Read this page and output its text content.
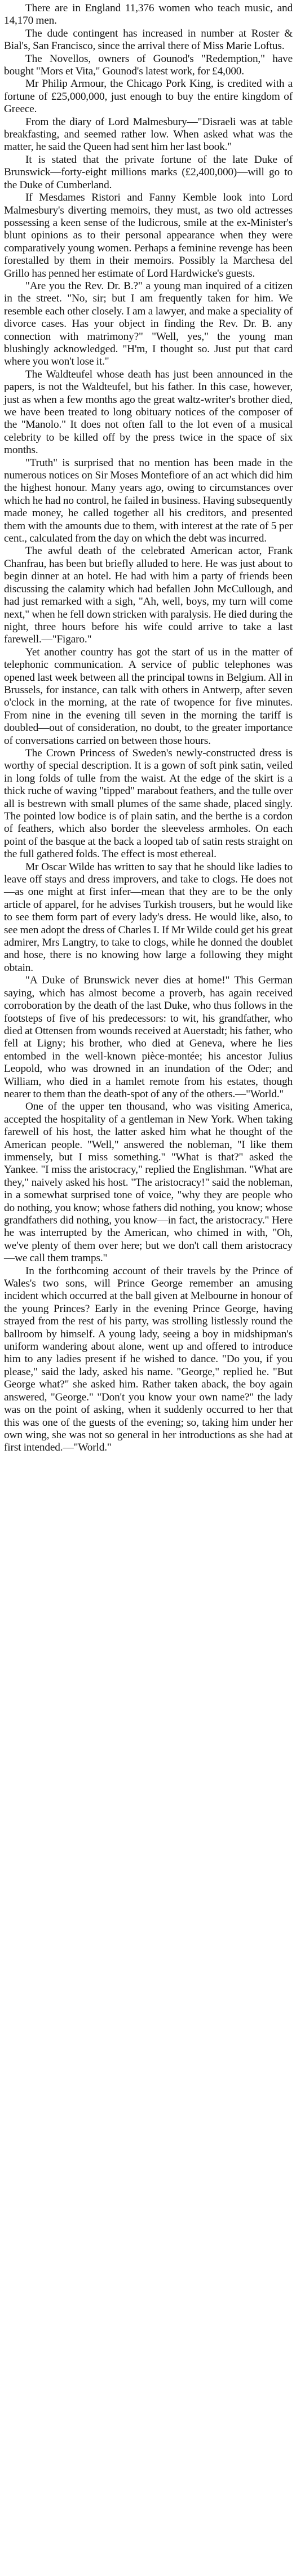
There are in England 11,376 women who teach music, and 14,170 men.

The dude contingent has increased in number at Roster & Bial's, San Francisco, since the arrival there of Miss Marie Loftus.

The Novellos, owners of Gounod's "Redemption," have bought "Mors et Vita," Gounod's latest work, for £4,000.

Mr Philip Armour, the Chicago Pork King, is credited with a fortune of £25,000,000, just enough to buy the entire kingdom of Greece.

From the diary of Lord Malmesbury—"Disraeli was at table breakfasting, and seemed rather low. When asked what was the matter, he said the Queen had sent him her last book."

It is stated that the private fortune of the late Duke of Brunswick—forty-eight millions marks (£2,400,000)—will go to the Duke of Cumberland.

If Mesdames Ristori and Fanny Kemble look into Lord Malmesbury's diverting memoirs, they must, as two old actresses possessing a keen sense of the ludicrous, smile at the ex-Minister's blunt opinions as to their personal appearance when they were comparatively young women. Perhaps a feminine revenge has been forestalled by them in their memoirs. Possibly la Marchesa del Grillo has penned her estimate of Lord Hardwicke's guests.

"Are you the Rev. Dr. B.?" a young man inquired of a citizen in the street. "No, sir; but I am frequently taken for him. We resemble each other closely. I am a lawyer, and make a speciality of divorce cases. Has your object in finding the Rev. Dr. B. any connection with matrimony?" "Well, yes," the young man blushingly acknowledged. "H'm, I thought so. Just put that card where you won't lose it."

The Waldteufel whose death has just been announced in the papers, is not the Waldteufel, but his father. In this case, however, just as when a few months ago the great waltz-writer's brother died, we have been treated to long obituary notices of the composer of the "Manolo." It does not often fall to the lot even of a musical celebrity to be killed off by the press twice in the space of six months.

"Truth" is surprised that no mention has been made in the numerous notices on Sir Moses Montefiore of an act which did him the highest honour. Many years ago, owing to circumstances over which he had no control, he failed in business. Having subsequently made money, he called together all his creditors, and presented them with the amounts due to them, with interest at the rate of 5 per cent., calculated from the day on which the debt was incurred.

The awful death of the celebrated American actor, Frank Chanfrau, has been but briefly alluded to here. He was just about to begin dinner at an hotel. He had with him a party of friends been discussing the calamity which had befallen John McCullough, and had just remarked with a sigh, "Ah, well, boys, my turn will come next," when he fell down stricken with paralysis. He died during the night, three hours before his wife could arrive to take a last farewell.—"Figaro."

Yet another country has got the start of us in the matter of telephonic communication. A service of public telephones was opened last week between all the principal towns in Belgium. All in Brussels, for instance, can talk with others in Antwerp, after seven o'clock in the morning, at the rate of twopence for five minutes. From nine in the evening till seven in the morning the tariff is doubled—out of consideration, no doubt, to the greater importance of conversations carried on between those hours.

The Crown Princess of Sweden's newly-constructed dress is worthy of special description. It is a gown of soft pink satin, veiled in long folds of tulle from the waist. At the edge of the skirt is a thick ruche of waving "tipped" marabout feathers, and the tulle over all is bestrewn with small plumes of the same shade, placed singly. The pointed low bodice is of plain satin, and the berthe is a cordon of feathers, which also border the sleeveless armholes. On each point of the basque at the back a looped tab of satin rests straight on the full gathered folds. The effect is most ethereal.

Mr Oscar Wilde has written to say that he should like ladies to leave off stays and dress improvers, and take to clogs. He does not—as one might at first infer—mean that they are to be the only article of apparel, for he advises Turkish trousers, but he would like to see them form part of every lady's dress. He would like, also, to see men adopt the dress of Charles I. If Mr Wilde could get his great admirer, Mrs Langtry, to take to clogs, while he donned the doublet and hose, there is no knowing how large a following they might obtain.

"A Duke of Brunswick never dies at home!" This German saying, which has almost become a proverb, has again received corroboration by the death of the last Duke, who thus follows in the footsteps of five of his predecessors: to wit, his grandfather, who died at Ottensen from wounds received at Auerstadt; his father, who fell at Ligny; his brother, who died at Geneva, where he lies entombed in the well-known pièce-montée; his ancestor Julius Leopold, who was drowned in an inundation of the Oder; and William, who died in a hamlet remote from his estates, though nearer to them than the death-spot of any of the others.—"World."

One of the upper ten thousand, who was visiting America, accepted the hospitality of a gentleman in New York. When taking farewell of his host, the latter asked him what he thought of the American people. "Well," answered the nobleman, "I like them immensely, but I miss something." "What is that?" asked the Yankee. "I miss the aristocracy," replied the Englishman. "What are they," naively asked his host. "The aristocracy!" said the nobleman, in a somewhat surprised tone of voice, "why they are people who do nothing, you know; whose fathers did nothing, you know; whose grandfathers did nothing, you know—in fact, the aristocracy." Here he was interrupted by the American, who chimed in with, "Oh, we've plenty of them over here; but we don't call them aristocracy—we call them tramps."

In the forthcoming account of their travels by the Prince of Wales's two sons, will Prince George remember an amusing incident which occurred at the ball given at Melbourne in honour of the young Princes? Early in the evening Prince George, having strayed from the rest of his party, was strolling listlessly round the ballroom by himself. A young lady, seeing a boy in midshipman's uniform wandering about alone, went up and offered to introduce him to any ladies present if he wished to dance. "Do you, if you please," said the lady, asked his name. "George," replied he. "But George what?" she asked him. Rather taken aback, the boy again answered, "George." "Don't you know your own name?" the lady was on the point of asking, when it suddenly occurred to her that this was one of the guests of the evening; so, taking him under her own wing, she was not so general in her introductions as she had at first intended.—"World."
